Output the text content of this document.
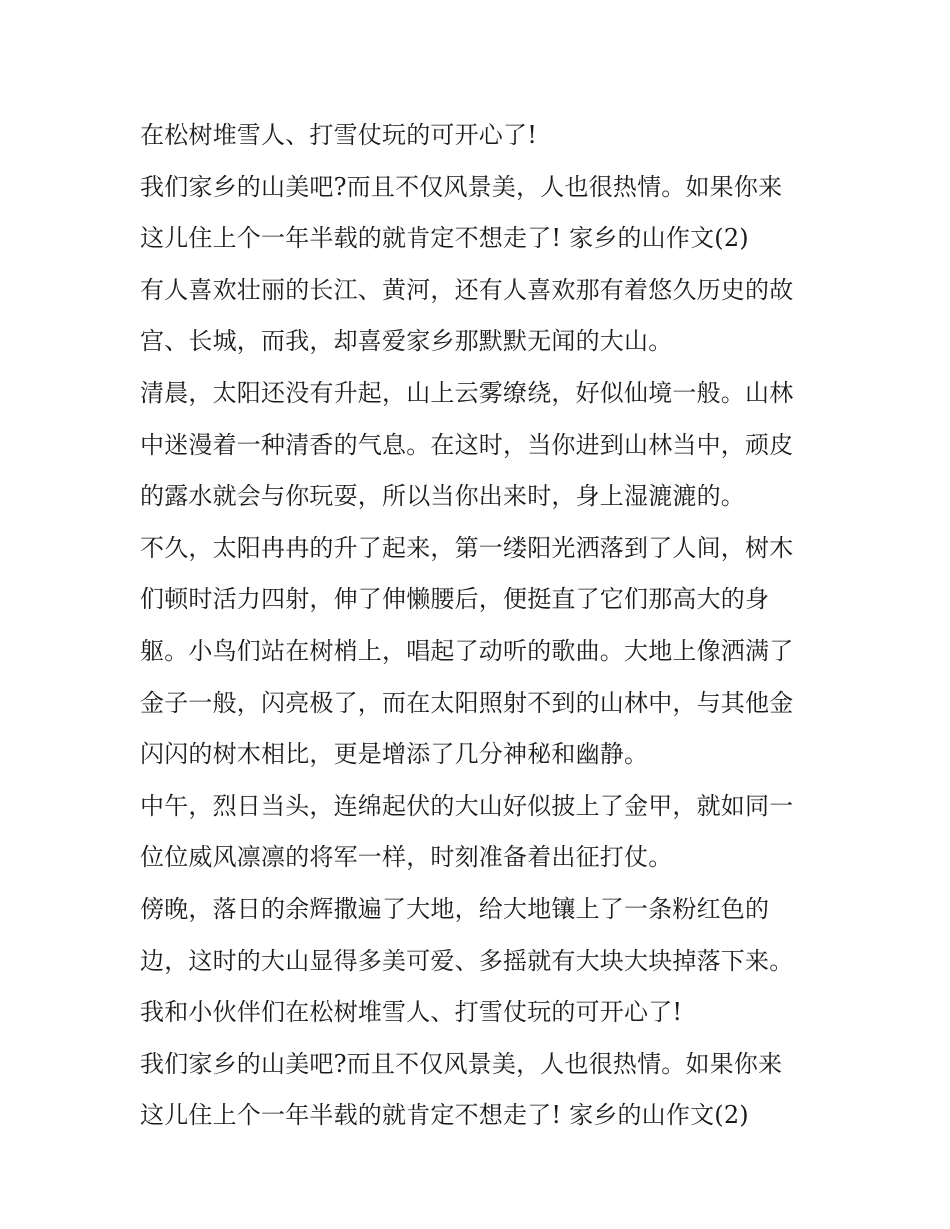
在松树堆雪人、打雪仗玩的可开心了!
我们家乡的山美吧?而且不仅风景美，人也很热情。如果你来
这儿住上个一年半载的就肯定不想走了! 家乡的山作文(2)
有人喜欢壮丽的长江、黄河，还有人喜欢那有着悠久历史的故
宫、长城，而我，却喜爱家乡那默默无闻的大山。
清晨，太阳还没有升起，山上云雾缭绕，好似仙境一般。山林
中迷漫着一种清香的气息。在这时，当你进到山林当中，顽皮
的露水就会与你玩耍，所以当你出来时，身上湿漉漉的。
不久，太阳冉冉的升了起来，第一缕阳光洒落到了人间，树木
们顿时活力四射，伸了伸懒腰后，便挺直了它们那高大的身
躯。小鸟们站在树梢上，唱起了动听的歌曲。大地上像洒满了
金子一般，闪亮极了，而在太阳照射不到的山林中，与其他金
闪闪的树木相比，更是增添了几分神秘和幽静。
中午，烈日当头，连绵起伏的大山好似披上了金甲，就如同一
位位威风凛凛的将军一样，时刻准备着出征打仗。
傍晚，落日的余辉撒遍了大地，给大地镶上了一条粉红色的
边，这时的大山显得多美可爱、多摇就有大块大块掉落下来。
我和小伙伴们在松树堆雪人、打雪仗玩的可开心了!
我们家乡的山美吧?而且不仅风景美，人也很热情。如果你来
这儿住上个一年半载的就肯定不想走了! 家乡的山作文(2)
